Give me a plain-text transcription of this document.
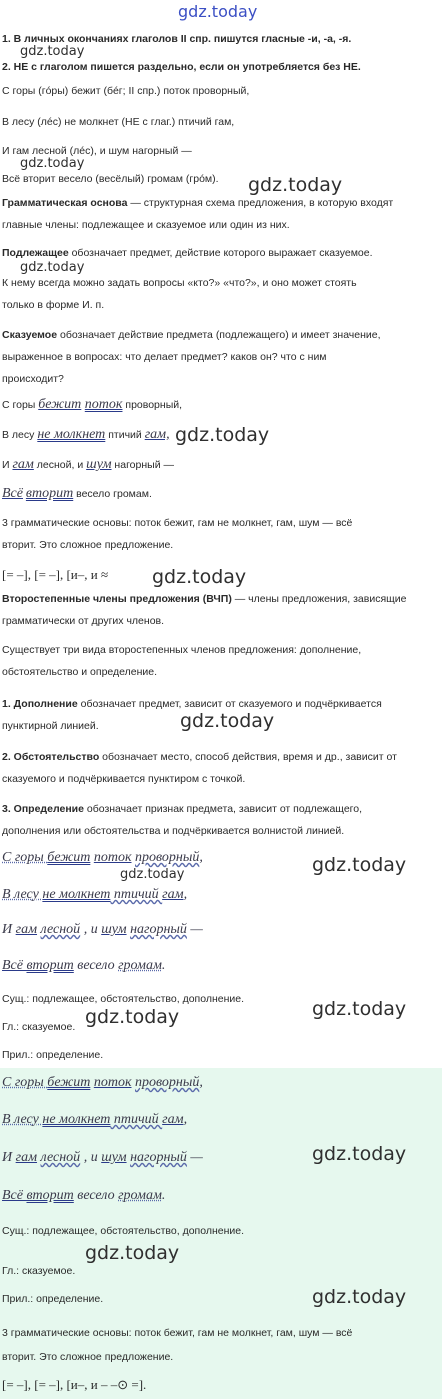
gdz.today
1. В личных окончаниях глаголов II спр. пишутся гласные -и, -а, -я.
gdz.today
2. НЕ с глаголом пишется раздельно, если он употребляется без НЕ.
С горы (гóры) бежит (бéг; II спр.) поток проворный,
В лесу (лéс) не молкнет (НЕ с глаг.) птичий гам,
И гам лесной (лéс), и шум нагорный —
gdz.today
Всё вторит весело (весёлый) громам (грóм). gdz.today
Грамматическая основа — структурная схема предложения, в которую входят
главные члены: подлежащее и сказуемое или один из них.
Подлежащее обозначает предмет, действие которого выражает сказуемое.
gdz.today
К нему всегда можно задать вопросы «кто?» «что?», и оно может стоять
только в форме И. п.
Сказуемое обозначает действие предмета (подлежащего) и имеет значение,
выраженное в вопросах: что делает предмет? каков он? что с ним
происходит?
С горы бежит поток проворный,
В лесу не молкнет птичий гам, gdz.today
И гам лесной, и шум нагорный —
Всё вторит весело громам.
3 грамматические основы: поток бежит, гам не молкнет, гам, шум — всё
вторит. Это сложное предложение.
[= –], [= –], [и–, и ≈ gdz.today
Второстепенные члены предложения (ВЧП) — члены предложения, зависящие
грамматически от других членов.
Существует три вида второстепенных членов предложения: дополнение,
обстоятельство и определение.
1. Дополнение обозначает предмет, зависит от сказуемого и подчёркивается
gdz.today
пунктирной линией.
2. Обстоятельство обозначает место, способ действия, время и др., зависит от
сказуемого и подчёркивается пунктиром с точкой.
3. Определение обозначает признак предмета, зависит от подлежащего,
дополнения или обстоятельства и подчёркивается волнистой линией.
С горы бежит поток проворный,	gdz.today
gdz.today
В лесу не молкнет птичий гам,
И гам лесной , и шум нагорный —
Всё вторит весело громам.
Сущ.: подлежащее, обстоятельство, дополнение.	gdz.today
gdz.today
Гл.: сказуемое.
Прил.: определение.
С горы бежит поток проворный,
В лесу не молкнет птичий гам,
И гам лесной , и шум нагорный —	gdz.today
Всё вторит весело громам.
Сущ.: подлежащее, обстоятельство, дополнение.
gdz.today
Гл.: сказуемое.
gdz.today
Прил.: определение.
3 грамматические основы: поток бежит, гам не молкнет, гам, шум — всё
вторит. Это сложное предложение.
[= –], [= –], [и–, и – –⊙ =].
